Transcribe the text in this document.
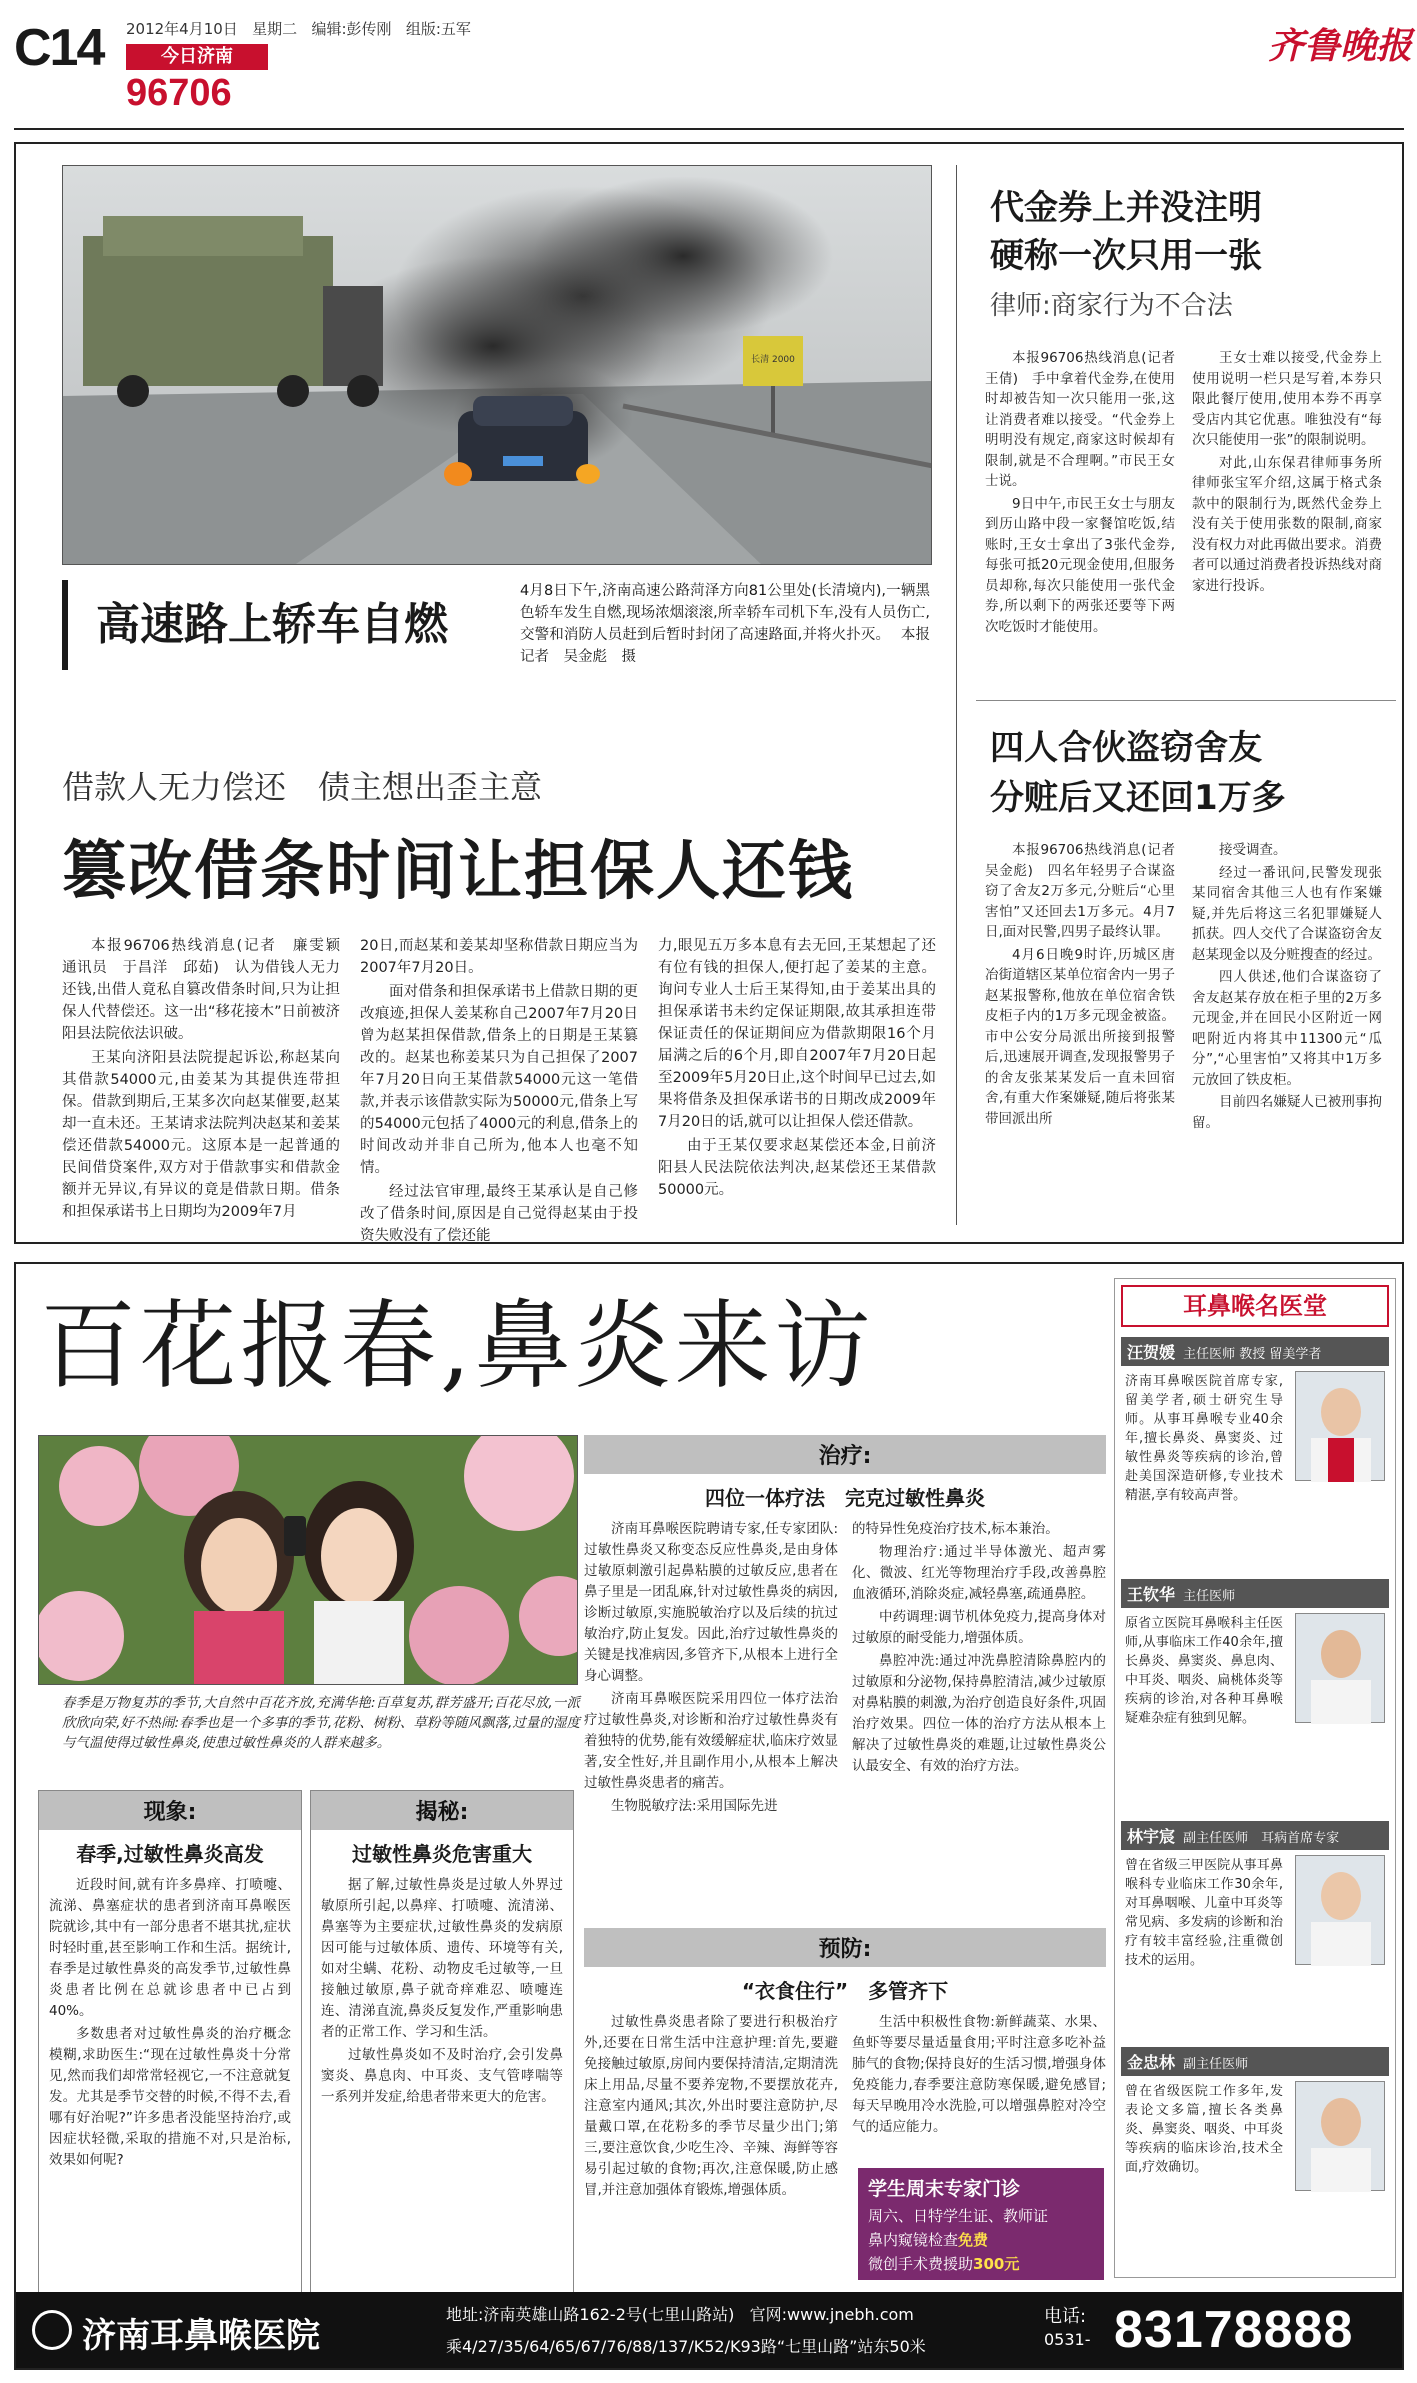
C14 2012年4月10日 星期二 编辑:彭传刚 组版:五军
今日济南
96706
齐鲁晚报
长清 2000
高速路上轿车自燃
4月8日下午,济南高速公路菏泽方向81公里处(长清境内),一辆黑色轿车发生自燃,现场浓烟滚滚,所幸轿车司机下车,没有人员伤亡,交警和消防人员赶到后暂时封闭了高速路面,并将火扑灭。 本报记者　吴金彪　摄
代金券上并没注明
硬称一次只用一张
律师:商家行为不合法

本报96706热线消息(记者　王倩)　手中拿着代金券,在使用时却被告知一次只能用一张,这让消费者难以接受。“代金券上明明没有规定,商家这时候却有限制,就是不合理啊。”市民王女士说。

9日中午,市民王女士与朋友到历山路中段一家餐馆吃饭,结账时,王女士拿出了3张代金券,每张可抵20元现金使用,但服务员却称,每次只能使用一张代金券,所以剩下的两张还要等下两次吃饭时才能使用。

王女士难以接受,代金券上使用说明一栏只是写着,本券只限此餐厅使用,使用本券不再享受店内其它优惠。唯独没有“每次只能使用一张”的限制说明。

对此,山东保君律师事务所律师张宝军介绍,这属于格式条款中的限制行为,既然代金券上没有关于使用张数的限制,商家没有权力对此再做出要求。消费者可以通过消费者投诉热线对商家进行投诉。

四人合伙盗窃舍友
分赃后又还回1万多

本报96706热线消息(记者　吴金彪)　四名年轻男子合谋盗窃了舍友2万多元,分赃后“心里害怕”又还回去1万多元。4月7日,面对民警,四男子最终认罪。

4月6日晚9时许,历城区唐冶街道辖区某单位宿舍内一男子赵某报警称,他放在单位宿舍铁皮柜子内的1万多元现金被盗。市中公安分局派出所接到报警后,迅速展开调查,发现报警男子的舍友张某某发后一直未回宿舍,有重大作案嫌疑,随后将张某带回派出所

接受调查。

经过一番讯问,民警发现张某同宿舍其他三人也有作案嫌疑,并先后将这三名犯罪嫌疑人抓获。四人交代了合谋盗窃舍友赵某现金以及分赃搜查的经过。

四人供述,他们合谋盗窃了舍友赵某存放在柜子里的2万多元现金,并在回民小区附近一网吧附近内将其中11300元“瓜分”,“心里害怕”又将其中1万多元放回了铁皮柜。

目前四名嫌疑人已被刑事拘留。

借款人无力偿还　债主想出歪主意
篡改借条时间让担保人还钱

本报96706热线消息(记者　廉雯颖　通讯员　于昌洋　邱茹)　认为借钱人无力还钱,出借人竟私自篡改借条时间,只为让担保人代替偿还。这一出“移花接木”日前被济阳县法院依法识破。

王某向济阳县法院提起诉讼,称赵某向其借款54000元,由姜某为其提供连带担保。借款到期后,王某多次向赵某催要,赵某却一直未还。王某请求法院判决赵某和姜某偿还借款54000元。这原本是一起普通的民间借贷案件,双方对于借款事实和借款金额并无异议,有异议的竟是借款日期。借条和担保承诺书上日期均为2009年7月

20日,而赵某和姜某却坚称借款日期应当为2007年7月20日。

面对借条和担保承诺书上借款日期的更改痕迹,担保人姜某称自己2007年7月20日曾为赵某担保借款,借条上的日期是王某篡改的。赵某也称姜某只为自己担保了2007年7月20日向王某借款54000元这一笔借款,并表示该借款实际为50000元,借条上写的54000元包括了4000元的利息,借条上的时间改动并非自己所为,他本人也毫不知情。

经过法官审理,最终王某承认是自己修改了借条时间,原因是自己觉得赵某由于投资失败没有了偿还能

力,眼见五万多本息有去无回,王某想起了还有位有钱的担保人,便打起了姜某的主意。询问专业人士后王某得知,由于姜某出具的担保承诺书未约定保证期限,故其承担连带保证责任的保证期间应为借款期限16个月届满之后的6个月,即自2007年7月20日起至2009年5月20日止,这个时间早已过去,如果将借条及担保承诺书的日期改成2009年7月20日的话,就可以让担保人偿还借款。

由于王某仅要求赵某偿还本金,日前济阳县人民法院依法判决,赵某偿还王某借款50000元。

百花报春,鼻炎来访
春季是万物复苏的季节,大自然中百花齐放,充满华艳:百草复苏,群芳盛开;百花尽放,一派欣欣向荣,好不热闹:春季也是一个多事的季节,花粉、树粉、草粉等随风飘落,过量的湿度与气温使得过敏性鼻炎,使患过敏性鼻炎的人群来越多。
现象:
春季,过敏性鼻炎高发

近段时间,就有许多鼻痒、打喷嚏、流涕、鼻塞症状的患者到济南耳鼻喉医院就诊,其中有一部分患者不堪其扰,症状时轻时重,甚至影响工作和生活。据统计,春季是过敏性鼻炎的高发季节,过敏性鼻炎患者比例在总就诊患者中已占到40%。

多数患者对过敏性鼻炎的治疗概念模糊,求助医生:“现在过敏性鼻炎十分常见,然而我们却常常轻视它,一不注意就复发。尤其是季节交替的时候,不得不去,看哪有好治呢?”许多患者没能坚持治疗,或因症状轻微,采取的措施不对,只是治标,效果如何呢?

揭秘:
过敏性鼻炎危害重大

据了解,过敏性鼻炎是过敏人外界过敏原所引起,以鼻痒、打喷嚏、流清涕、鼻塞等为主要症状,过敏性鼻炎的发病原因可能与过敏体质、遗传、环境等有关,如对尘螨、花粉、动物皮毛过敏等,一旦接触过敏原,鼻子就奇痒难忍、喷嚏连连、清涕直流,鼻炎反复发作,严重影响患者的正常工作、学习和生活。

过敏性鼻炎如不及时治疗,会引发鼻窦炎、鼻息肉、中耳炎、支气管哮喘等一系列并发症,给患者带来更大的危害。

治疗:
四位一体疗法　完克过敏性鼻炎

济南耳鼻喉医院聘请专家,任专家团队:过敏性鼻炎又称变态反应性鼻炎,是由身体过敏原刺激引起鼻粘膜的过敏反应,患者在鼻子里是一团乱麻,针对过敏性鼻炎的病因,诊断过敏原,实施脱敏治疗以及后续的抗过敏治疗,防止复发。因此,治疗过敏性鼻炎的关键是找准病因,多管齐下,从根本上进行全身心调整。

济南耳鼻喉医院采用四位一体疗法治疗过敏性鼻炎,对诊断和治疗过敏性鼻炎有着独特的优势,能有效缓解症状,临床疗效显著,安全性好,并且副作用小,从根本上解决过敏性鼻炎患者的痛苦。

生物脱敏疗法:采用国际先进

的特异性免疫治疗技术,标本兼治。

物理治疗:通过半导体激光、超声雾化、微波、红光等物理治疗手段,改善鼻腔血液循环,消除炎症,减轻鼻塞,疏通鼻腔。

中药调理:调节机体免疫力,提高身体对过敏原的耐受能力,增强体质。

鼻腔冲洗:通过冲洗鼻腔清除鼻腔内的过敏原和分泌物,保持鼻腔清洁,减少过敏原对鼻粘膜的刺激,为治疗创造良好条件,巩固治疗效果。四位一体的治疗方法从根本上解决了过敏性鼻炎的难题,让过敏性鼻炎公认最安全、有效的治疗方法。

预防:
“衣食住行”　多管齐下

过敏性鼻炎患者除了要进行积极治疗外,还要在日常生活中注意护理:首先,要避免接触过敏原,房间内要保持清洁,定期清洗床上用品,尽量不要养宠物,不要摆放花卉,注意室内通风;其次,外出时要注意防护,尽量戴口罩,在花粉多的季节尽量少出门;第三,要注意饮食,少吃生冷、辛辣、海鲜等容易引起过敏的食物;再次,注意保暖,防止感冒,并注意加强体育锻炼,增强体质。

生活中积极性食物:新鲜蔬菜、水果、鱼虾等要尽量适量食用;平时注意多吃补益肺气的食物;保持良好的生活习惯,增强身体免疫能力,春季要注意防寒保暖,避免感冒;每天早晚用冷水洗脸,可以增强鼻腔对冷空气的适应能力。

学生周末专家门诊
周六、日特学生证、教师证
鼻内窥镜检查免费
微创手术费援助300元
耳鼻喉名医堂
汪贺媛 主任医师 教授 留美学者
济南耳鼻喉医院首席专家,留美学者,硕士研究生导师。从事耳鼻喉专业40余年,擅长鼻炎、鼻窦炎、过敏性鼻炎等疾病的诊治,曾赴美国深造研修,专业技术精湛,享有较高声誉。
王钦华 主任医师
原省立医院耳鼻喉科主任医师,从事临床工作40余年,擅长鼻炎、鼻窦炎、鼻息肉、中耳炎、咽炎、扁桃体炎等疾病的诊治,对各种耳鼻喉疑难杂症有独到见解。
林宇宸 副主任医师　耳病首席专家
曾在省级三甲医院从事耳鼻喉科专业临床工作30余年,对耳鼻咽喉、儿童中耳炎等常见病、多发病的诊断和治疗有较丰富经验,注重微创技术的运用。
金忠林 副主任医师
曾在省级医院工作多年,发表论文多篇,擅长各类鼻炎、鼻窦炎、咽炎、中耳炎等疾病的临床诊治,技术全面,疗效确切。
济南耳鼻喉医院
地址:济南英雄山路162-2号(七里山路站) 官网:www.jnebh.com
乘4/27/35/64/65/67/76/88/137/K52/K93路“七里山路”站东50米
电话:
0531- 83178888
